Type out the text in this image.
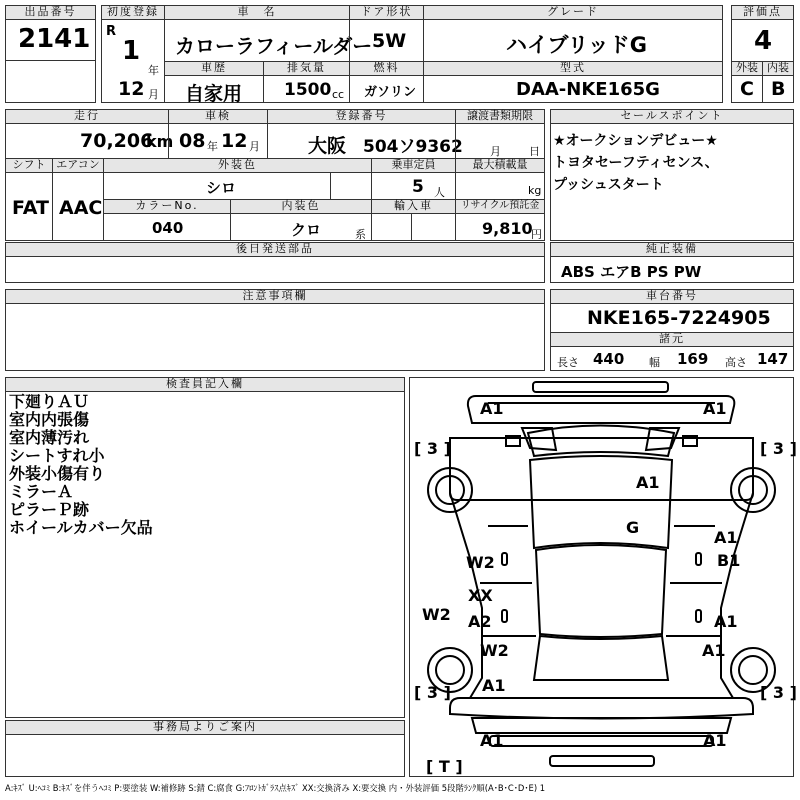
出品番号
2141
初度登録
R
1
年
12 月
車　名
カローラフィールダー
ドア形状
5W
グレード
ハイブリッドG
評価点
4
車歴
自家用
排気量
1500 cc
燃料
ガソリン
型式
DAA-NKE165G
外装 内装
C B
走行
70,206
km
車検
08 年 12 月
登録番号
大阪 504ソ9362
譲渡書類期限
月	日
シフト
FAT
エアコン
AAC
外装色
シロ
乗車定員
5 人
最大積載量
kg
カラーNo.
040
内装色
クロ	系
輸入車	リサイクル預託金
9,810
円
セールスポイント
★オークションデビュー★
トヨタセーフティセンス、
プッシュスタート
後日発送部品	純正装備
ABS エアB PS PW
注意事項欄	車台番号
NKE165-7224905
諸元
長さ 440 幅 169 高さ 147
検査員記入欄
下廻りＡＵ
室内内張傷
室内薄汚れ
シートすれ小
外装小傷有り
ミラーＡ
ピラーＰ跡
ホイールカバー欠品
事務局よりご案内
[ 3 ]	[ 3 ]
[ 3 ]	[ 3 ]
[ T ]
A1	A1
A1
G
A1
B1
W2
W2
XX
A2	A1
W2	A1
A1
A1	A1
A:ｷｽﾞ U:ﾍｺﾐ B:ｷｽﾞを伴うﾍｺﾐ P:要塗装 W:補修跡 S:錆 C:腐食 G:ﾌﾛﾝﾄｶﾞﾗｽ点ｷｽﾞ XX:交換済み X:要交換 内・外装評価 5段階ﾗﾝｸ順(A･B･C･D･E) 1
